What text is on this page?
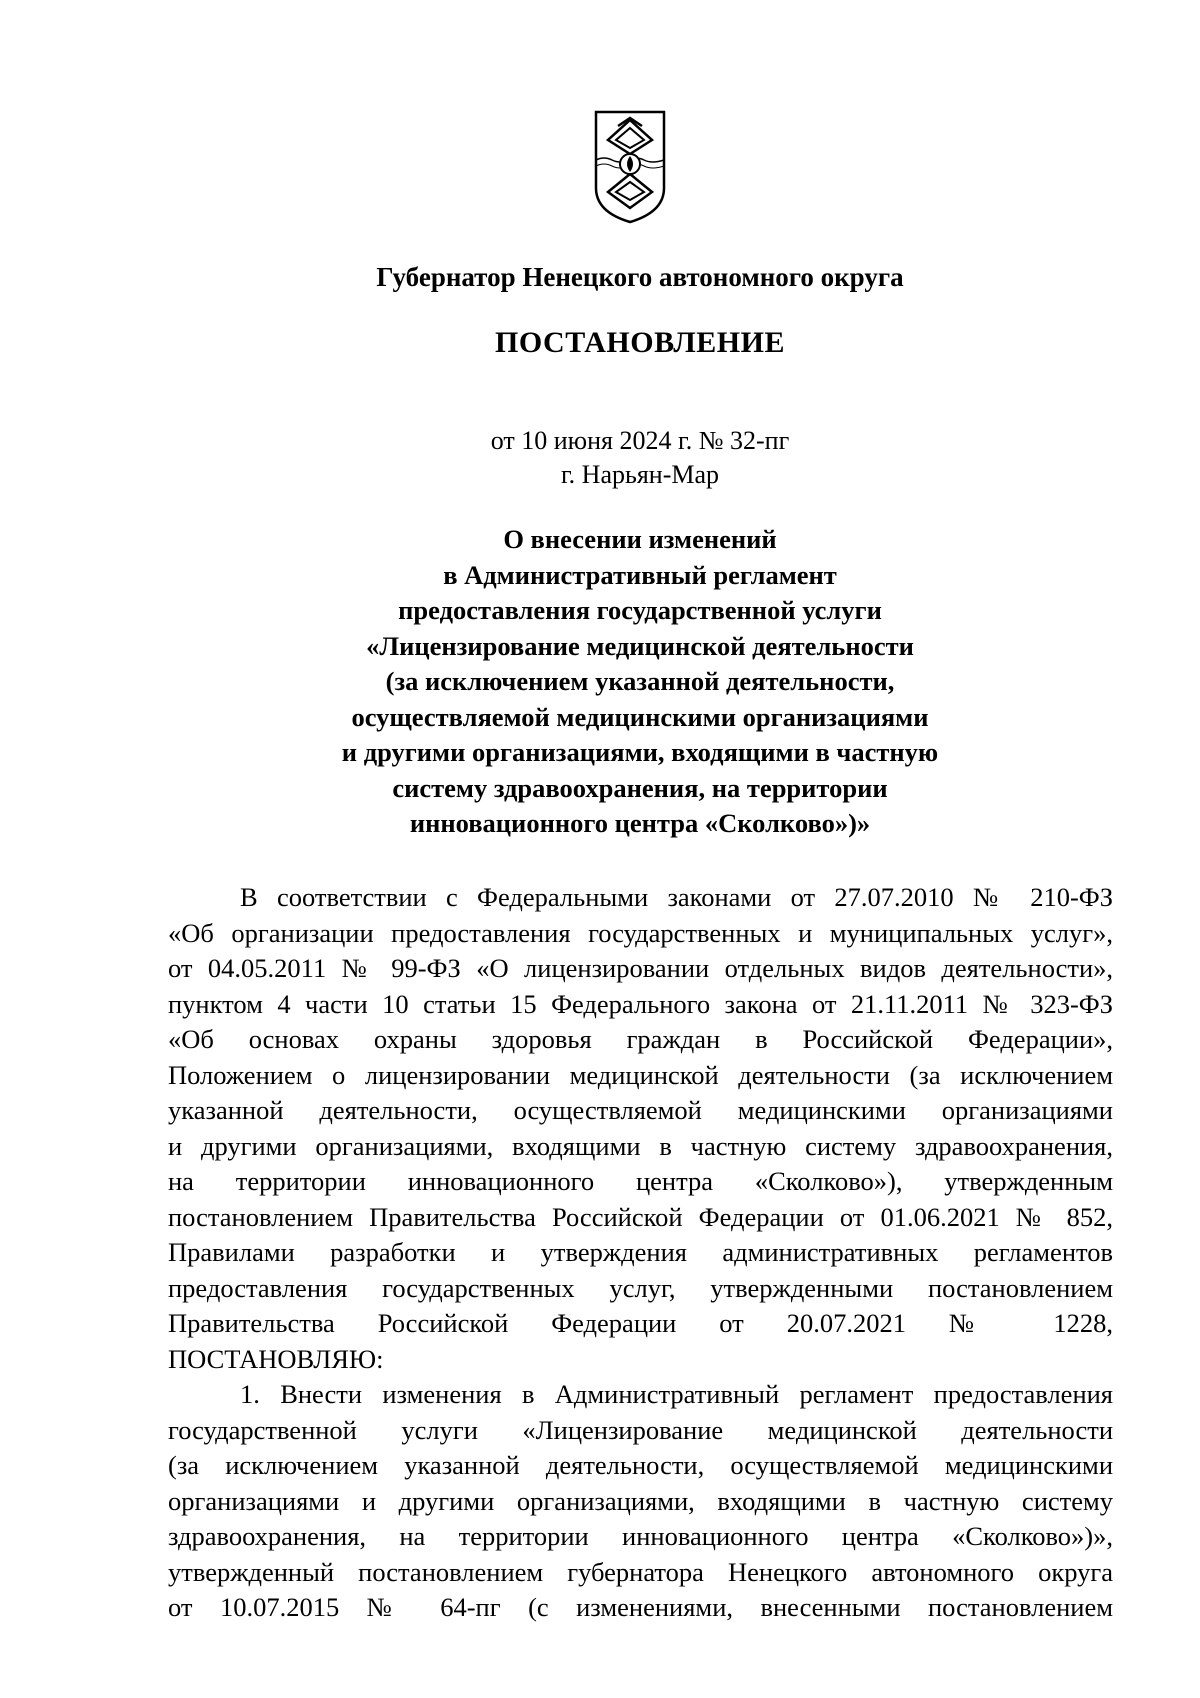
Губернатор Ненецкого автономного округа
ПОСТАНОВЛЕНИЕ
от 10 июня 2024 г. № 32-пг
г. Нарьян-Мар
О внесении изменений
в Административный регламент
предоставления государственной услуги
«Лицензирование медицинской деятельности
(за исключением указанной деятельности,
осуществляемой медицинскими организациями
и другими организациями, входящими в частную
систему здравоохранения, на территории
инновационного центра «Сколково»)»
В соответствии с Федеральными законами от 27.07.2010 № 210-ФЗ
«Об организации предоставления государственных и муниципальных услуг»,
от 04.05.2011 № 99-ФЗ «О лицензировании отдельных видов деятельности»,
пунктом 4 части 10 статьи 15 Федерального закона от 21.11.2011 № 323-ФЗ
«Об основах охраны здоровья граждан в Российской Федерации»,
Положением о лицензировании медицинской деятельности (за исключением
указанной деятельности, осуществляемой медицинскими организациями
и другими организациями, входящими в частную систему здравоохранения,
на территории инновационного центра «Сколково»), утвержденным
постановлением Правительства Российской Федерации от 01.06.2021 № 852,
Правилами разработки и утверждения административных регламентов
предоставления государственных услуг, утвержденными постановлением
Правительства Российской Федерации от 20.07.2021 № 1228,
ПОСТАНОВЛЯЮ:
1. Внести изменения в Административный регламент предоставления
государственной услуги «Лицензирование медицинской деятельности
(за исключением указанной деятельности, осуществляемой медицинскими
организациями и другими организациями, входящими в частную систему
здравоохранения, на территории инновационного центра «Сколково»)»,
утвержденный постановлением губернатора Ненецкого автономного округа
от 10.07.2015 № 64-пг (с изменениями, внесенными постановлением
